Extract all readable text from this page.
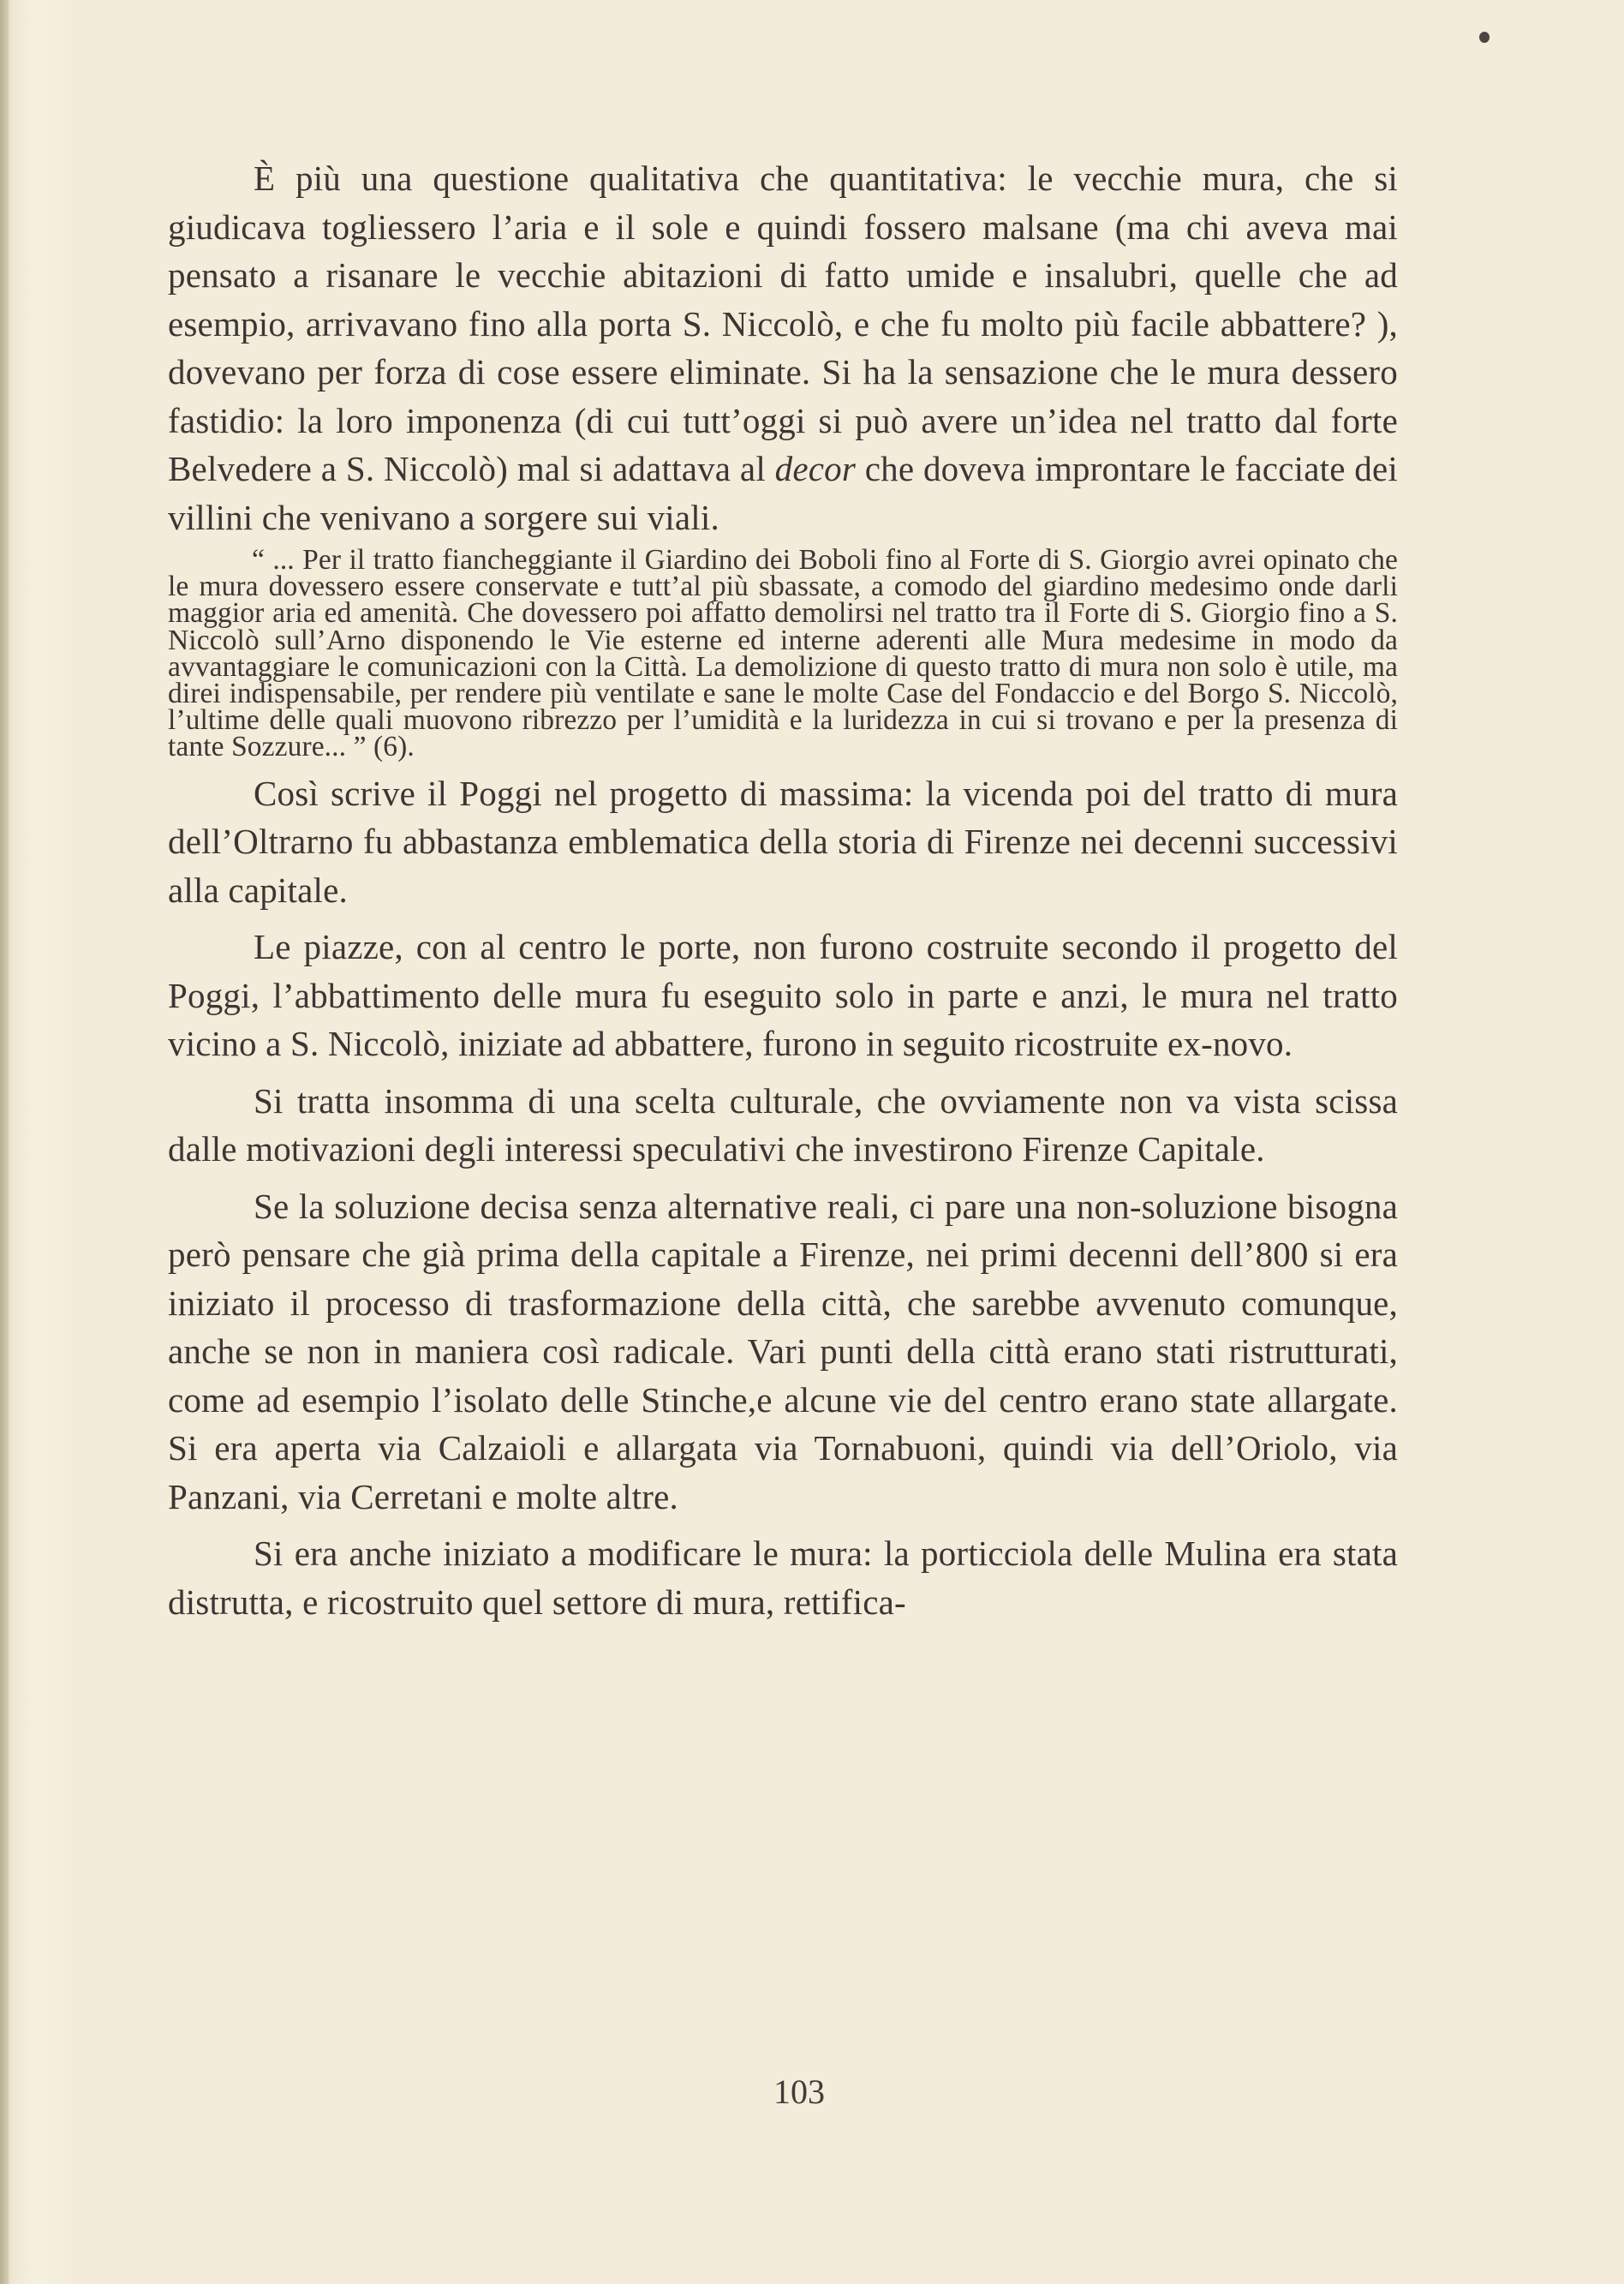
È più una questione qualitativa che quantitativa: le vecchie mura, che si giudicava togliessero l’aria e il sole e quindi fossero malsane (ma chi aveva mai pensato a risanare le vecchie abitazioni di fatto umide e insalubri, quelle che ad esempio, arrivavano fino alla porta S. Niccolò, e che fu molto più facile abbattere? ), dovevano per forza di cose essere eliminate. Si ha la sensazione che le mura dessero fastidio: la loro imponenza (di cui tutt’oggi si può avere un’idea nel tratto dal forte Belvedere a S. Niccolò) mal si adattava al decor che doveva improntare le facciate dei villini che venivano a sorgere sui viali.

“ ... Per il tratto fiancheggiante il Giardino dei Boboli fino al Forte di S. Giorgio avrei opinato che le mura dovessero essere conservate e tutt’al più sbassate, a comodo del giardino medesimo onde darli maggior aria ed amenità. Che dovessero poi affatto demolirsi nel tratto tra il Forte di S. Giorgio fino a S. Niccolò sull’Arno disponendo le Vie esterne ed interne aderenti alle Mura medesime in modo da avvantaggiare le comunicazioni con la Città. La demolizione di questo tratto di mura non solo è utile, ma direi indispensabile, per rendere più ventilate e sane le molte Case del Fondaccio e del Borgo S. Niccolò, l’ultime delle quali muovono ribrezzo per l’umidità e la luridezza in cui si trovano e per la presenza di tante Sozzure... ” (6).

Così scrive il Poggi nel progetto di massima: la vicenda poi del tratto di mura dell’Oltrarno fu abbastanza emblematica della storia di Firenze nei decenni successivi alla capitale.

Le piazze, con al centro le porte, non furono costruite secondo il progetto del Poggi, l’abbattimento delle mura fu eseguito solo in parte e anzi, le mura nel tratto vicino a S. Niccolò, iniziate ad abbattere, furono in seguito ricostruite ex-novo.

Si tratta insomma di una scelta culturale, che ovviamente non va vista scissa dalle motivazioni degli interessi speculativi che investirono Firenze Capitale.

Se la soluzione decisa senza alternative reali, ci pare una non-soluzione bisogna però pensare che già prima della capitale a Firenze, nei primi decenni dell’800 si era iniziato il processo di trasformazione della città, che sarebbe avvenuto comunque, anche se non in maniera così radicale. Vari punti della città erano stati ristrutturati, come ad esempio l’isolato delle Stinche,e alcune vie del centro erano state allargate. Si era aperta via Calzaioli e allargata via Tornabuoni, quindi via dell’Oriolo, via Panzani, via Cerretani e molte altre.

Si era anche iniziato a modificare le mura: la porticciola delle Mulina era stata distrutta, e ricostruito quel settore di mura, rettifica-

103
